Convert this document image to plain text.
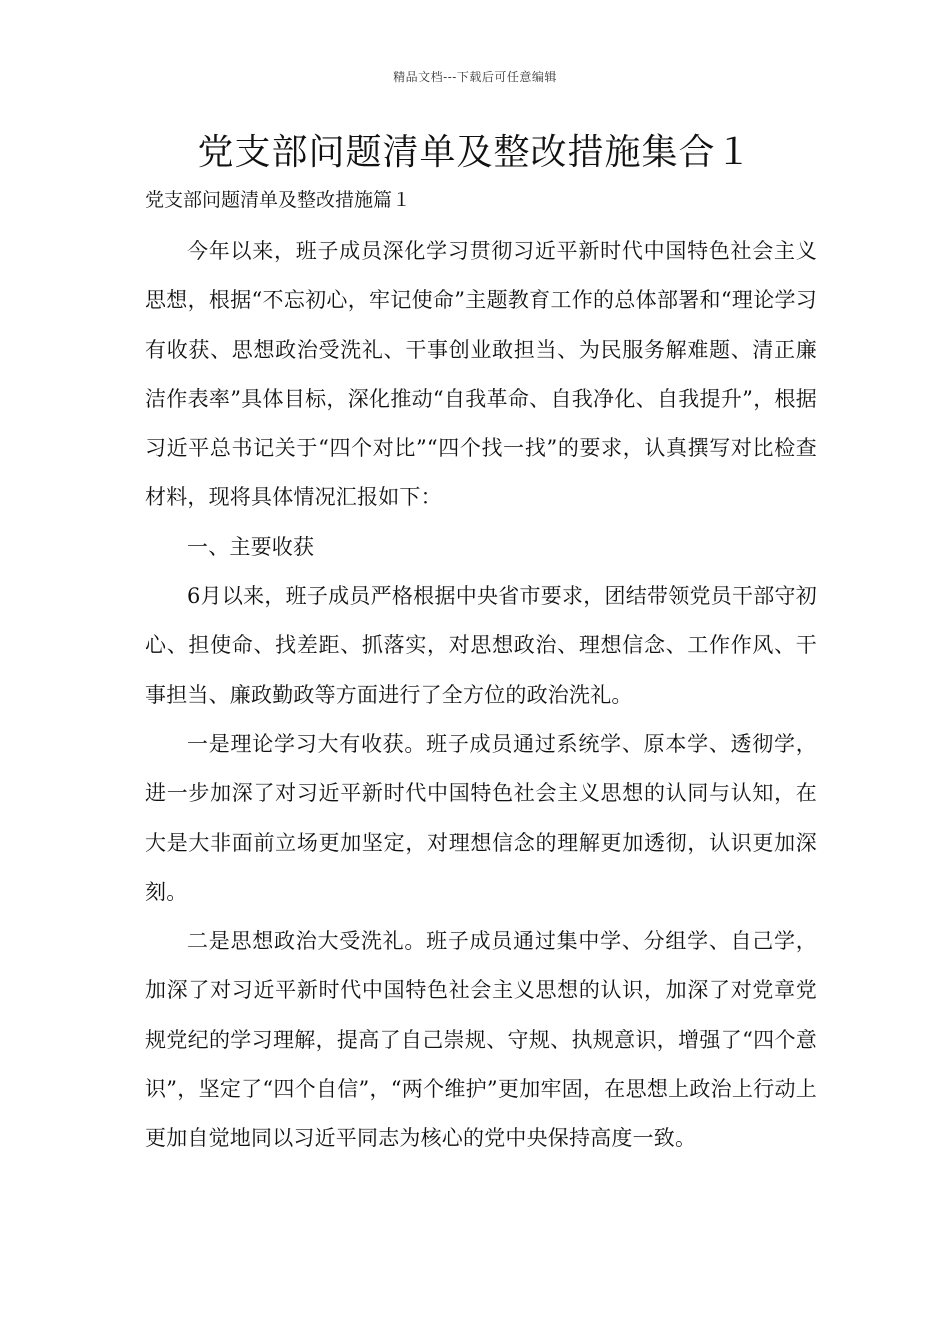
精品文档---下载后可任意编辑
党支部问题清单及整改措施集合１
党支部问题清单及整改措施篇１

今年以来，班子成员深化学习贯彻习近平新时代中国特色社会主义思想，根据“不忘初心，牢记使命”主题教育工作的总体部署和“理论学习有收获、思想政治受洗礼、干事创业敢担当、为民服务解难题、清正廉洁作表率”具体目标，深化推动“自我革命、自我净化、自我提升”，根据习近平总书记关于“四个对比”“四个找一找”的要求，认真撰写对比检查材料，现将具体情况汇报如下：

一、主要收获

6月以来，班子成员严格根据中央省市要求，团结带领党员干部守初心、担使命、找差距、抓落实，对思想政治、理想信念、工作作风、干事担当、廉政勤政等方面进行了全方位的政治洗礼。

一是理论学习大有收获。班子成员通过系统学、原本学、透彻学，进一步加深了对习近平新时代中国特色社会主义思想的认同与认知，在大是大非面前立场更加坚定，对理想信念的理解更加透彻，认识更加深刻。

二是思想政治大受洗礼。班子成员通过集中学、分组学、自己学，加深了对习近平新时代中国特色社会主义思想的认识，加深了对党章党规党纪的学习理解，提高了自己崇规、守规、执规意识，增强了“四个意识”，坚定了“四个自信”，“两个维护”更加牢固，在思想上政治上行动上更加自觉地同以习近平同志为核心的党中央保持高度一致。
